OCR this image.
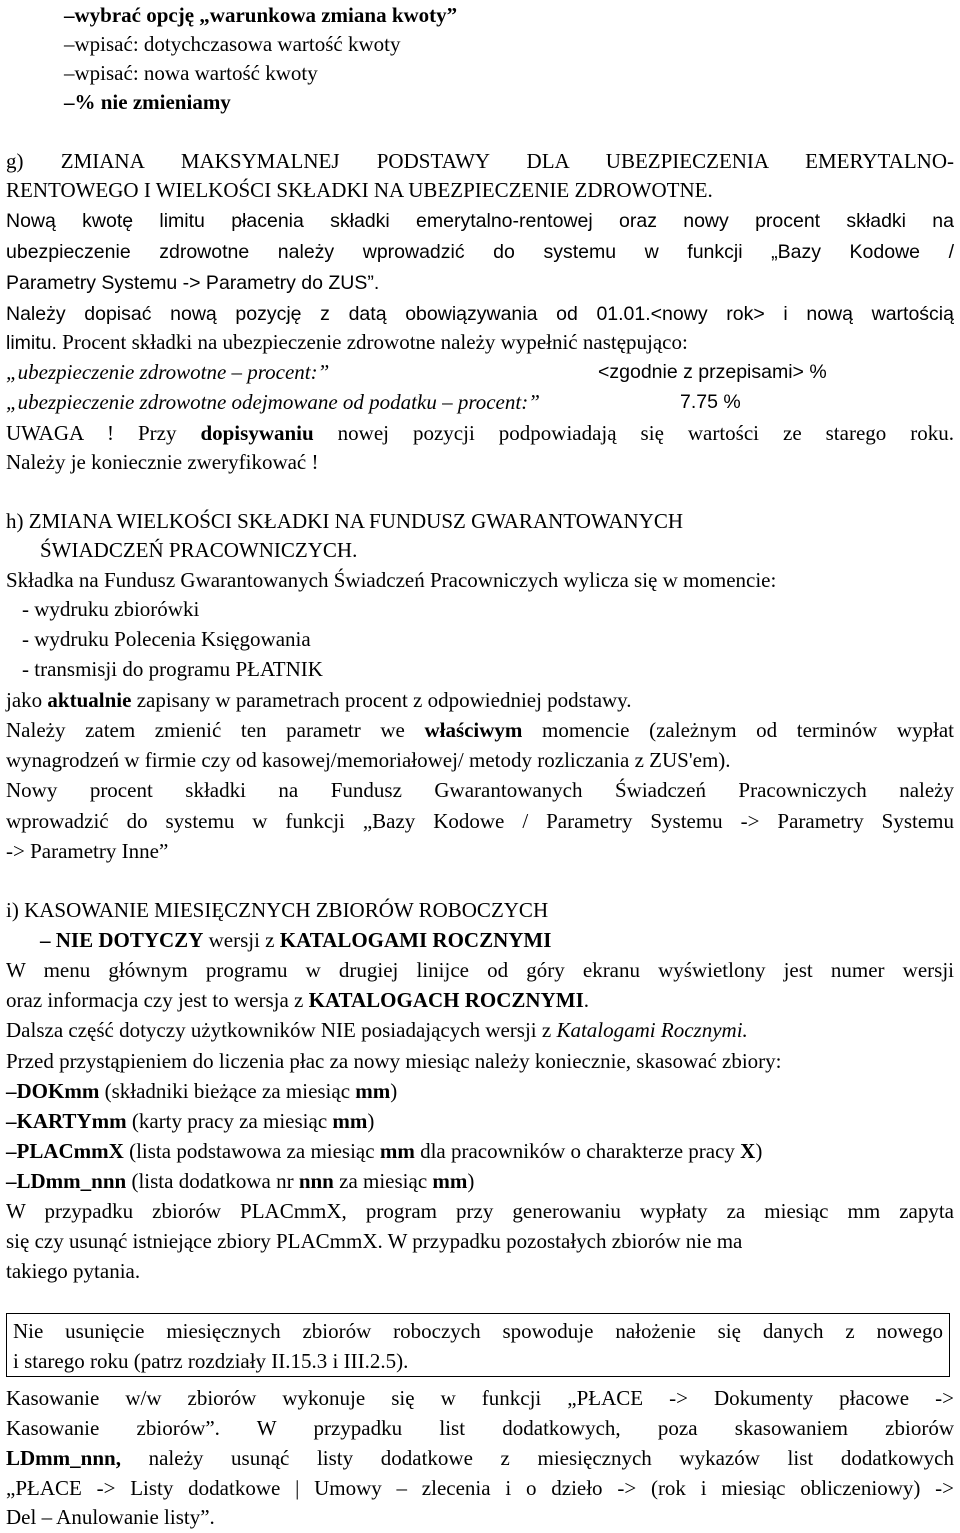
–wybrać opcję „warunkowa zmiana kwoty”
–wpisać: dotychczasowa wartość kwoty
–wpisać: nowa wartość kwoty
–% nie zmieniamy
g) ZMIANA MAKSYMALNEJ PODSTAWY DLA UBEZPIECZENIA EMERYTALNO-
RENTOWEGO I WIELKOŚCI SKŁADKI NA UBEZPIECZENIE ZDROWOTNE.
Nową kwotę limitu płacenia składki emerytalno-rentowej oraz nowy procent składki na
ubezpieczenie zdrowotne należy wprowadzić do systemu w funkcji „Bazy Kodowe /
Parametry Systemu -> Parametry do ZUS”.
Należy dopisać nową pozycję z datą obowiązywania od 01.01.<nowy rok> i nową wartością
limitu. Procent składki na ubezpieczenie zdrowotne należy wypełnić następująco:
„ubezpieczenie zdrowotne – procent:”	<zgodnie z przepisami> %
„ubezpieczenie zdrowotne odejmowane od podatku – procent:”	7.75 %
UWAGA ! Przy dopisywaniu nowej pozycji podpowiadają się wartości ze starego roku.
Należy je koniecznie zweryfikować !
h) ZMIANA WIELKOŚCI SKŁADKI NA FUNDUSZ GWARANTOWANYCH
ŚWIADCZEŃ PRACOWNICZYCH.
Składka na Fundusz Gwarantowanych Świadczeń Pracowniczych wylicza się w momencie:
- wydruku zbiorówki
- wydruku Polecenia Księgowania
- transmisji do programu PŁATNIK
jako aktualnie zapisany w parametrach procent z odpowiedniej podstawy.
Należy zatem zmienić ten parametr we właściwym momencie (zależnym od terminów wypłat
wynagrodzeń w firmie czy od kasowej/memoriałowej/ metody rozliczania z ZUS'em).
Nowy procent składki na Fundusz Gwarantowanych Świadczeń Pracowniczych należy
wprowadzić do systemu w funkcji „Bazy Kodowe / Parametry Systemu -> Parametry Systemu
-> Parametry Inne”
i) KASOWANIE MIESIĘCZNYCH ZBIORÓW ROBOCZYCH
– NIE DOTYCZY wersji z KATALOGAMI ROCZNYMI
W menu głównym programu w drugiej linijce od góry ekranu wyświetlony jest numer wersji
oraz informacja czy jest to wersja z KATALOGACH ROCZNYMI.
Dalsza część dotyczy użytkowników NIE posiadających wersji z Katalogami Rocznymi.
Przed przystąpieniem do liczenia płac za nowy miesiąc należy koniecznie, skasować zbiory:
–DOKmm (składniki bieżące za miesiąc mm)
–KARTYmm (karty pracy za miesiąc mm)
–PLACmmX (lista podstawowa za miesiąc mm dla pracowników o charakterze pracy X)
–LDmm_nnn (lista dodatkowa nr nnn za miesiąc mm)
W przypadku zbiorów PLACmmX, program przy generowaniu wypłaty za miesiąc mm zapyta
się czy usunąć istniejące zbiory PLACmmX. W przypadku pozostałych zbiorów nie ma
takiego pytania.
Nie usunięcie miesięcznych zbiorów roboczych spowoduje nałożenie się danych z nowego
i starego roku (patrz rozdziały II.15.3 i III.2.5).
Kasowanie w/w zbiorów wykonuje się w funkcji „PŁACE -> Dokumenty płacowe ->
Kasowanie zbiorów”. W przypadku list dodatkowych, poza skasowaniem zbiorów
LDmm_nnn, należy usunąć listy dodatkowe z miesięcznych wykazów list dodatkowych
„PŁACE -> Listy dodatkowe | Umowy – zlecenia i o dzieło -> (rok i miesiąc obliczeniowy) ->
Del – Anulowanie listy”.
